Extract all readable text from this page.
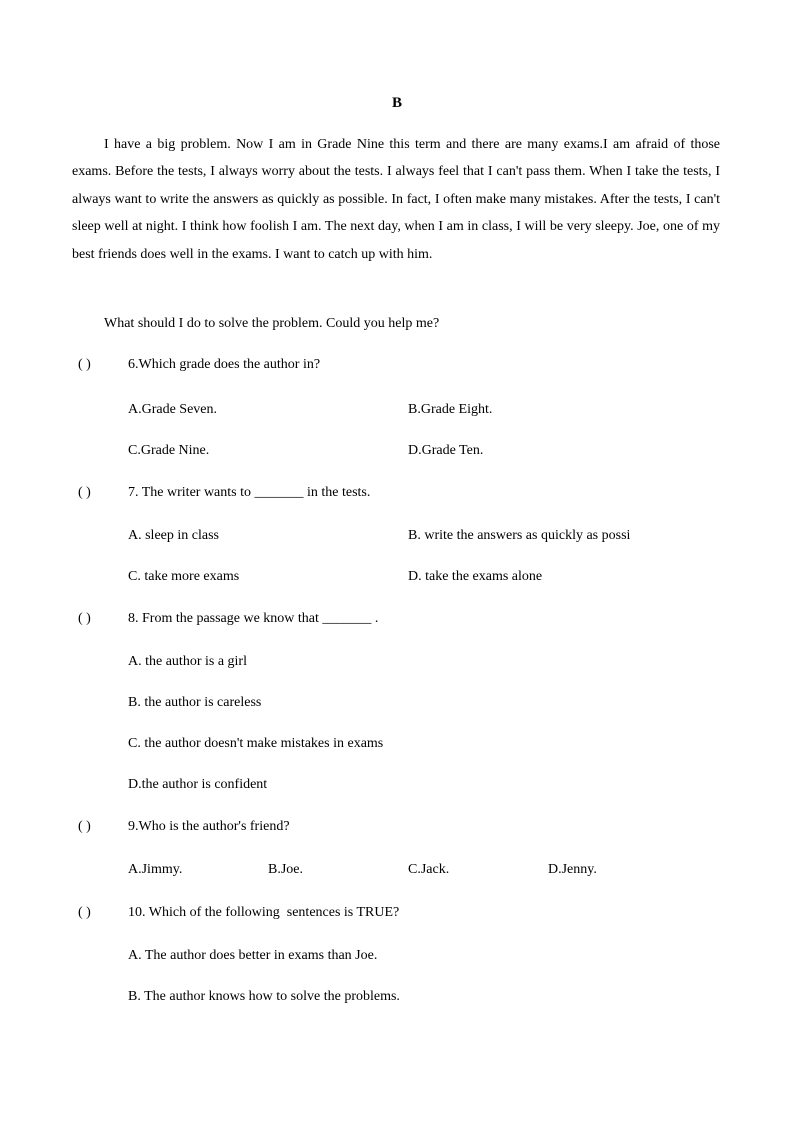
B
I have a big problem. Now I am in Grade Nine this term and there are many exams.I am afraid of those exams. Before the tests, I always worry about the tests. I always feel that I can't pass them. When I take the tests, I always want to write the answers as quickly as possible. In fact, I often make many mistakes. After the tests, I can't sleep well at night. I think how foolish I am. The next day, when I am in class, I will be very sleepy. Joe, one of my best friends does well in the exams. I want to catch up with him.
What should I do to solve the problem. Could you help me?
( )	6.Which grade does the author in?
A.Grade Seven.	B.Grade Eight.
C.Grade Nine.	D.Grade Ten.
( )	7. The writer wants to _______ in the tests.
A. sleep in class	B. write the answers as quickly as possi
C. take more exams	D. take the exams alone
( )	8. From the passage we know that _______ .
A. the author is a girl
B. the author is careless
C. the author doesn't make mistakes in exams
D.the author is confident
( )	9.Who is the author's friend?
A.Jimmy.	B.Joe.	C.Jack.	D.Jenny.
( )	10. Which of the following  sentences is TRUE?
A. The author does better in exams than Joe.
B. The author knows how to solve the problems.
